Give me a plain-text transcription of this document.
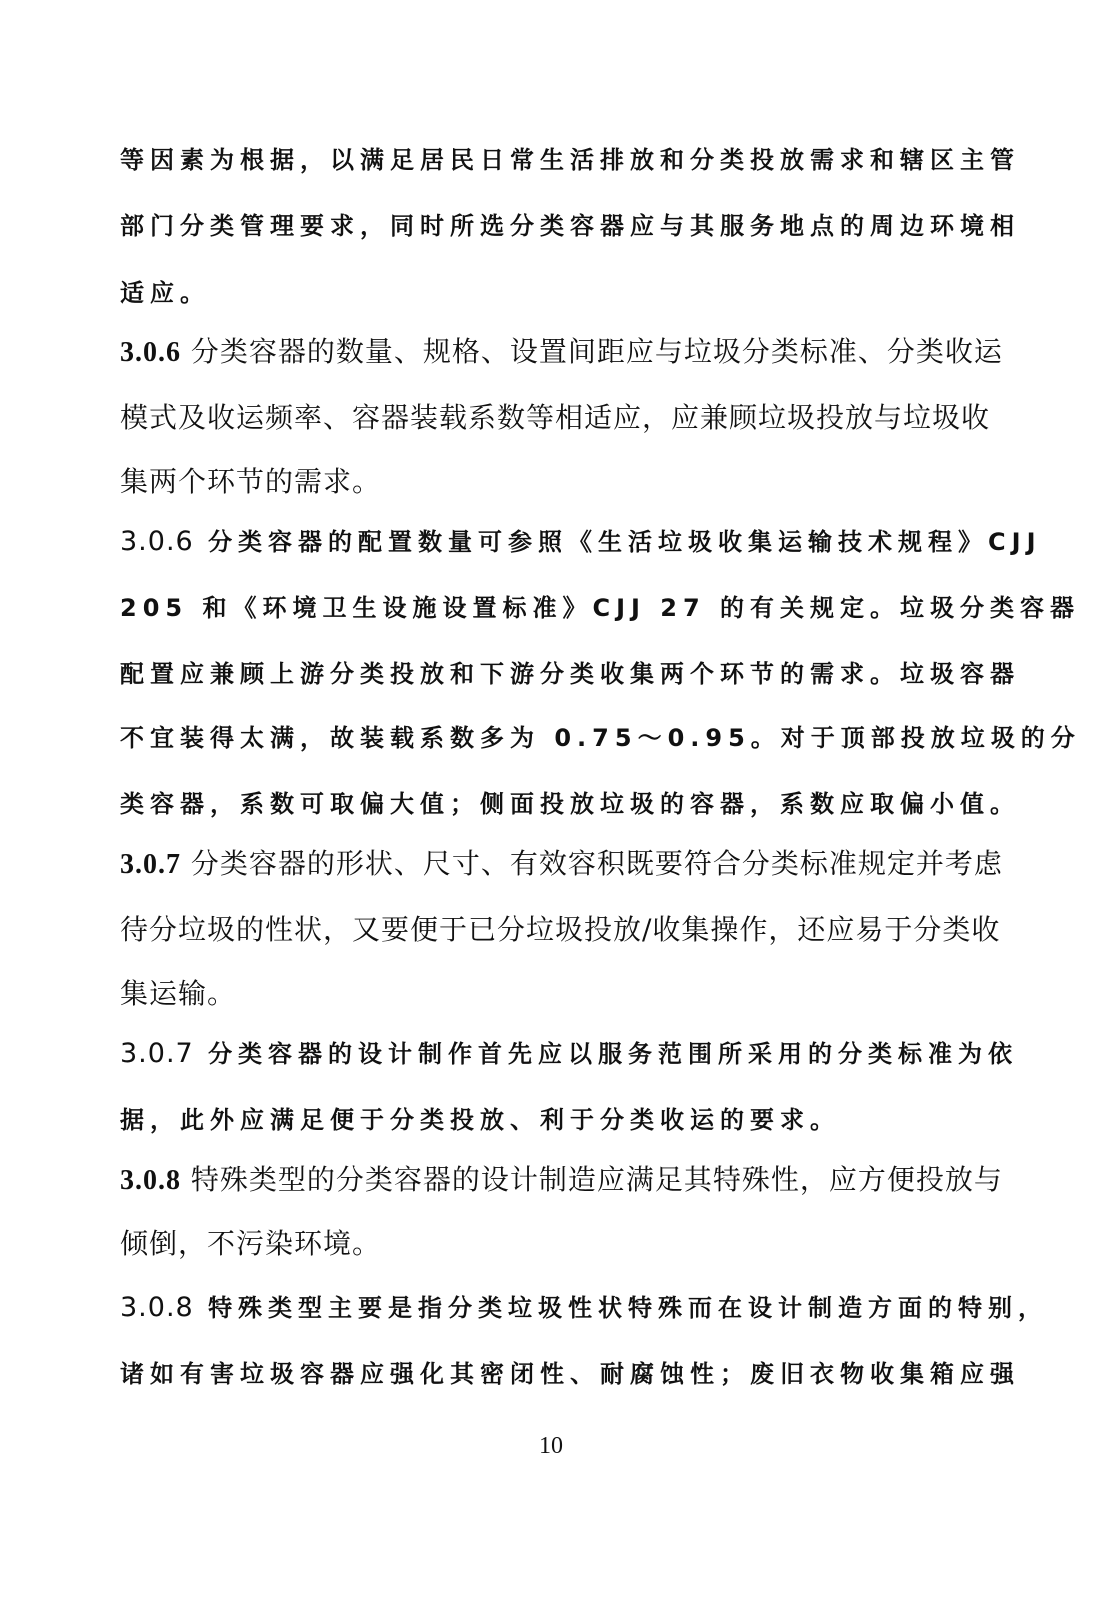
等因素为根据，以满足居民日常生活排放和分类投放需求和辖区主管
部门分类管理要求，同时所选分类容器应与其服务地点的周边环境相
适应。
3.0.6 分类容器的数量、规格、设置间距应与垃圾分类标准、分类收运
模式及收运频率、容器装载系数等相适应，应兼顾垃圾投放与垃圾收
集两个环节的需求。
3.0.6 分类容器的配置数量可参照《生活垃圾收集运输技术规程》CJJ
205 和《环境卫生设施设置标准》CJJ 27 的有关规定。垃圾分类容器
配置应兼顾上游分类投放和下游分类收集两个环节的需求。垃圾容器
不宜装得太满，故装载系数多为 0.75～0.95。对于顶部投放垃圾的分
类容器，系数可取偏大值；侧面投放垃圾的容器，系数应取偏小值。
3.0.7 分类容器的形状、尺寸、有效容积既要符合分类标准规定并考虑
待分垃圾的性状，又要便于已分垃圾投放/收集操作，还应易于分类收
集运输。
3.0.7 分类容器的设计制作首先应以服务范围所采用的分类标准为依
据，此外应满足便于分类投放、利于分类收运的要求。
3.0.8 特殊类型的分类容器的设计制造应满足其特殊性，应方便投放与
倾倒，不污染环境。
3.0.8 特殊类型主要是指分类垃圾性状特殊而在设计制造方面的特别，
诸如有害垃圾容器应强化其密闭性、耐腐蚀性；废旧衣物收集箱应强
10
